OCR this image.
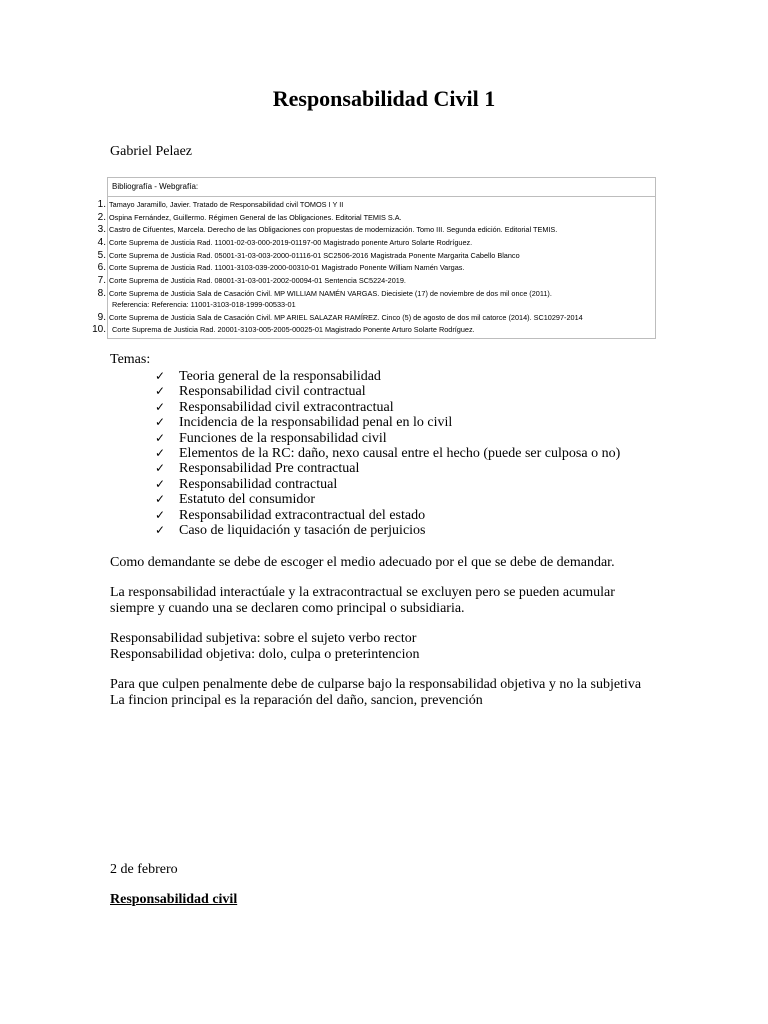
Responsabilidad Civil 1
Gabriel Pelaez
Bibliografía - Webgrafía:
1. Tamayo Jaramillo, Javier. Tratado de Responsabilidad civil TOMOS I Y II
2. Ospina Fernández, Guillermo. Régimen General de las Obligaciones. Editorial TEMIS S.A.
3. Castro de Cifuentes, Marcela. Derecho de las Obligaciones con propuestas de modernización. Tomo III. Segunda edición. Editorial TEMIS.
4. Corte Suprema de Justicia Rad. 11001-02-03-000-2019-01197-00 Magistrado ponente Arturo Solarte Rodríguez.
5. Corte Suprema de Justicia Rad. 05001-31-03-003-2000-01116-01 SC2506-2016 Magistrada Ponente Margarita Cabello Blanco
6. Corte Suprema de Justicia Rad. 11001-3103-039-2000-00310-01 Magistrado Ponente William Namén Vargas.
7. Corte Suprema de Justicia Rad. 08001-31-03-001-2002-00094-01 Sentencia SC5224-2019.
8. Corte Suprema de Justicia Sala de Casación Civil. MP WILLIAM NAMÉN VARGAS. Diecisiete (17) de noviembre de dos mil once (2011).
Referencia: Referencia: 11001-3103-018-1999-00533-01
9. Corte Suprema de Justicia Sala de Casación Civil. MP ARIEL SALAZAR RAMÍREZ. Cinco (5) de agosto de dos mil catorce (2014). SC10297-2014
10. Corte Suprema de Justicia Rad. 20001-3103-005-2005-00025-01 Magistrado Ponente Arturo Solarte Rodríguez.
Temas:
✓ Teoria general de la responsabilidad
✓ Responsabilidad civil contractual
✓ Responsabilidad civil extracontractual
✓ Incidencia de la responsabilidad penal en lo civil
✓ Funciones de la responsabilidad civil
✓ Elementos de la RC: daño, nexo causal entre el hecho (puede ser culposa o no)
✓ Responsabilidad Pre contractual
✓ Responsabilidad contractual
✓ Estatuto del consumidor
✓ Responsabilidad extracontractual del estado
✓ Caso de liquidación y tasación de perjuicios
Como demandante se debe de escoger el medio adecuado por el que se debe de demandar.
La responsabilidad interactúale y la extracontractual se excluyen pero se pueden acumular
siempre y cuando una se declaren como principal o subsidiaria.
Responsabilidad subjetiva: sobre el sujeto verbo rector
Responsabilidad objetiva: dolo, culpa o preterintencion
Para que culpen penalmente debe de culparse bajo la responsabilidad objetiva y no la subjetiva
La fincion principal es la reparación del daño, sancion, prevención
2 de febrero
Responsabilidad civil
